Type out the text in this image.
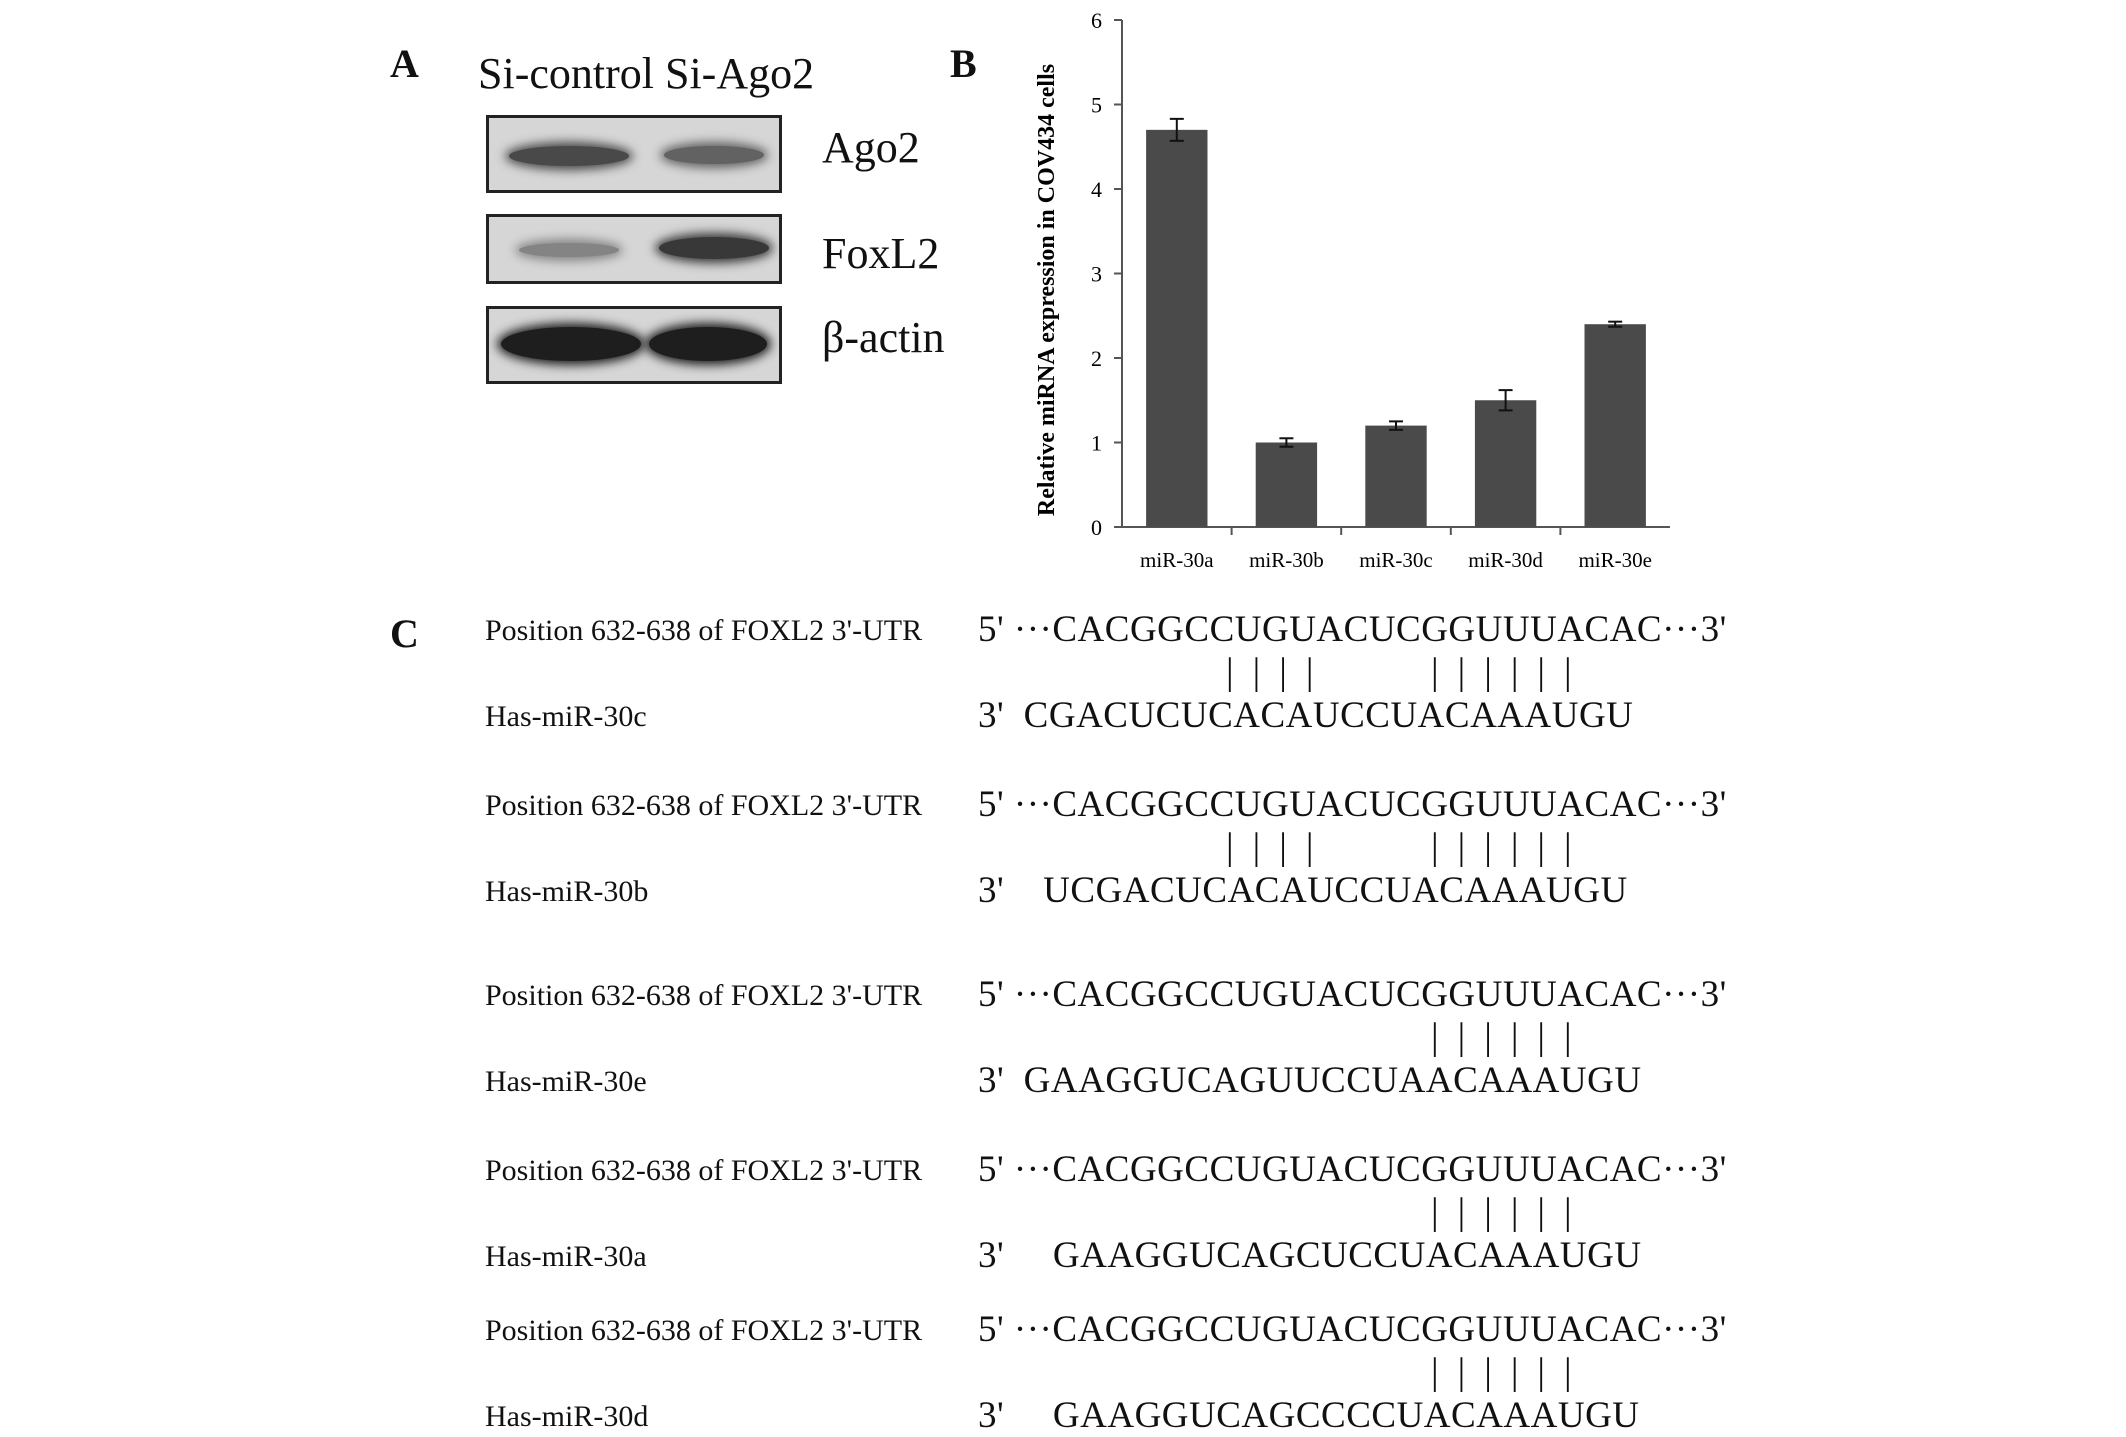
A Si-control Si-Ago2
Ago2
FoxL2
β-actin
B
0
1
2
3
4
5
6
miR-30a miR-30b miR-30c miR-30d miR-30e
Relative miRNA expression in COV434 cells
C Position 632-638 of FOXL2 3'-UTR 5' ···CACGGCCUGUACUCGGUUUACAC···3'
|  |  |  |	|  |  |  |  |  |
Has-miR-30c	3'  CGACUCUCACAUCCUACAAAUGU
Position 632-638 of FOXL2 3'-UTR 5' ···CACGGCCUGUACUCGGUUUACAC···3'
|  |  |  |	|  |  |  |  |  |
Has-miR-30b	3'    UCGACUCACAUCCUACAAAUGU
Position 632-638 of FOXL2 3'-UTR 5' ···CACGGCCUGUACUCGGUUUACAC···3'
|  |  |  |  |  |
Has-miR-30e	3'  GAAGGUCAGUUCCUAACAAAUGU
Position 632-638 of FOXL2 3'-UTR 5' ···CACGGCCUGUACUCGGUUUACAC···3'
|  |  |  |  |  |
Has-miR-30a	3'     GAAGGUCAGCUCCUACAAAUGU
Position 632-638 of FOXL2 3'-UTR 5' ···CACGGCCUGUACUCGGUUUACAC···3'
|  |  |  |  |  |
Has-miR-30d	3'     GAAGGUCAGCCCCUACAAAUGU
